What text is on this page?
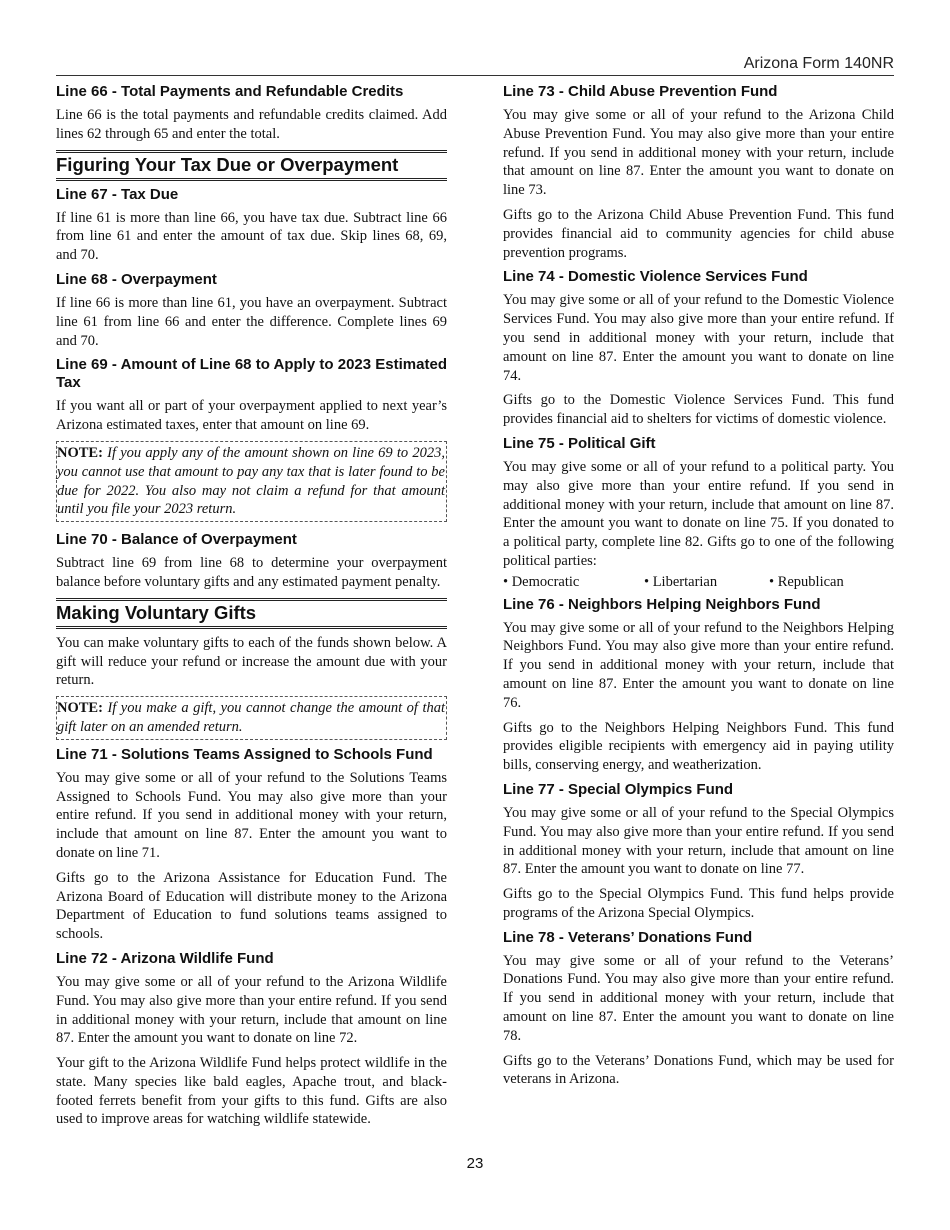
Arizona Form 140NR
Line 66 - Total Payments and Refundable Credits
Line 66 is the total payments and refundable credits claimed. Add lines 62 through 65 and enter the total.
Figuring Your Tax Due or Overpayment
Line 67 - Tax Due
If line 61 is more than line 66, you have tax due. Subtract line 66 from line 61 and enter the amount of tax due. Skip lines 68, 69, and 70.
Line 68 - Overpayment
If line 66 is more than line 61, you have an overpayment. Subtract line 61 from line 66 and enter the difference. Complete lines 69 and 70.
Line 69 - Amount of Line 68 to Apply to 2023 Estimated Tax
If you want all or part of your overpayment applied to next year’s Arizona estimated taxes, enter that amount on line 69.
NOTE: If you apply any of the amount shown on line 69 to 2023, you cannot use that amount to pay any tax that is later found to be due for 2022. You also may not claim a refund for that amount until you file your 2023 return.
Line 70 - Balance of Overpayment
Subtract line 69 from line 68 to determine your overpayment balance before voluntary gifts and any estimated payment penalty.
Making Voluntary Gifts
You can make voluntary gifts to each of the funds shown below. A gift will reduce your refund or increase the amount due with your return.
NOTE: If you make a gift, you cannot change the amount of that gift later on an amended return.
Line 71 - Solutions Teams Assigned to Schools Fund
You may give some or all of your refund to the Solutions Teams Assigned to Schools Fund. You may also give more than your entire refund. If you send in additional money with your return, include that amount on line 87. Enter the amount you want to donate on line 71.
Gifts go to the Arizona Assistance for Education Fund. The Arizona Board of Education will distribute money to the Arizona Department of Education to fund solutions teams assigned to schools.
Line 72 - Arizona Wildlife Fund
You may give some or all of your refund to the Arizona Wildlife Fund. You may also give more than your entire refund. If you send in additional money with your return, include that amount on line 87. Enter the amount you want to donate on line 72.
Your gift to the Arizona Wildlife Fund helps protect wildlife in the state. Many species like bald eagles, Apache trout, and black-footed ferrets benefit from your gifts to this fund. Gifts are also used to improve areas for watching wildlife statewide.
Line 73 - Child Abuse Prevention Fund
You may give some or all of your refund to the Arizona Child Abuse Prevention Fund. You may also give more than your entire refund. If you send in additional money with your return, include that amount on line 87. Enter the amount you want to donate on line 73.
Gifts go to the Arizona Child Abuse Prevention Fund. This fund provides financial aid to community agencies for child abuse prevention programs.
Line 74 - Domestic Violence Services Fund
You may give some or all of your refund to the Domestic Violence Services Fund. You may also give more than your entire refund. If you send in additional money with your return, include that amount on line 87. Enter the amount you want to donate on line 74.
Gifts go to the Domestic Violence Services Fund. This fund provides financial aid to shelters for victims of domestic violence.
Line 75 - Political Gift
You may give some or all of your refund to a political party. You may also give more than your entire refund. If you send in additional money with your return, include that amount on line 87. Enter the amount you want to donate on line 75. If you donated to a political party, complete line 82. Gifts go to one of the following political parties:
• Democratic	• Libertarian	• Republican
Line 76 - Neighbors Helping Neighbors Fund
You may give some or all of your refund to the Neighbors Helping Neighbors Fund. You may also give more than your entire refund. If you send in additional money with your return, include that amount on line 87. Enter the amount you want to donate on line 76.
Gifts go to the Neighbors Helping Neighbors Fund. This fund provides eligible recipients with emergency aid in paying utility bills, conserving energy, and weatherization.
Line 77 - Special Olympics Fund
You may give some or all of your refund to the Special Olympics Fund. You may also give more than your entire refund. If you send in additional money with your return, include that amount on line 87. Enter the amount you want to donate on line 77.
Gifts go to the Special Olympics Fund. This fund helps provide programs of the Arizona Special Olympics.
Line 78 - Veterans’ Donations Fund
You may give some or all of your refund to the Veterans’ Donations Fund. You may also give more than your entire refund. If you send in additional money with your return, include that amount on line 87. Enter the amount you want to donate on line 78.
Gifts go to the Veterans’ Donations Fund, which may be used for veterans in Arizona.
23
